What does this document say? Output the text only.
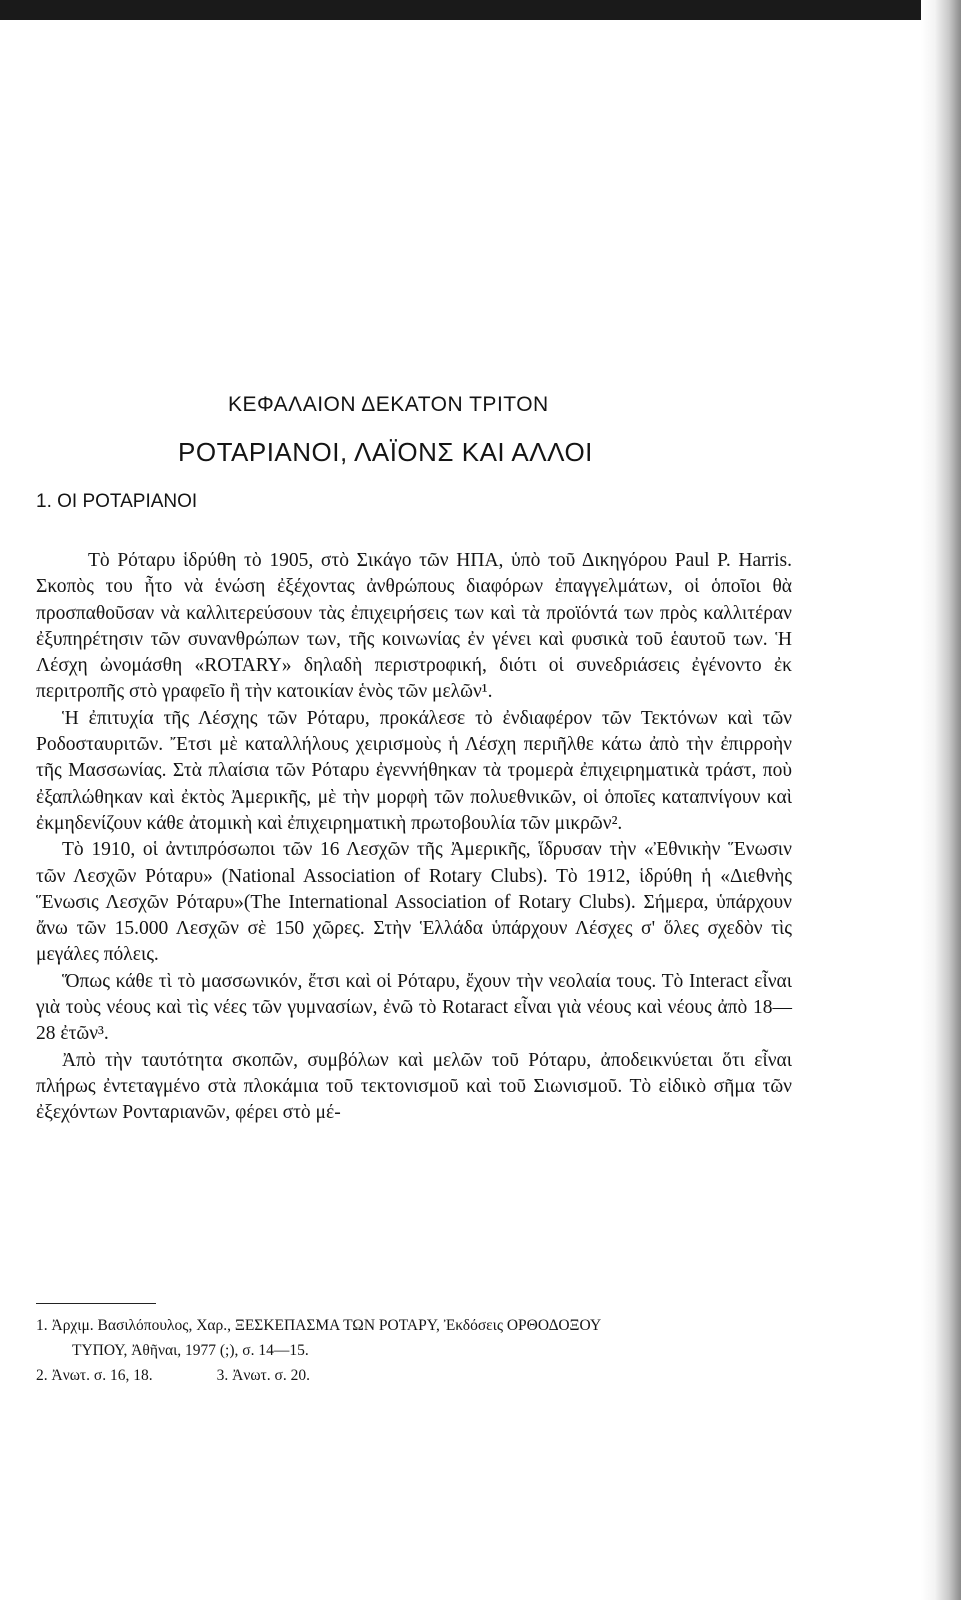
ΚΕΦΑΛΑΙΟΝ ΔΕΚΑΤΟΝ ΤΡΙΤΟΝ
ΡΟΤΑΡΙΑΝΟΙ, ΛΑΪΟΝΣ ΚΑΙ ΑΛΛΟΙ
1. ΟΙ ΡΟΤΑΡΙΑΝΟΙ

Τὸ Ρόταρυ ἱδρύθη τὸ 1905, στὸ Σικάγο τῶν ΗΠΑ, ὑπὸ τοῦ Δικηγόρου Paul P. Harris. Σκοπὸς του ἦτο νὰ ἑνώση ἐξέχοντας ἀνθρώπους διαφόρων ἐπαγγελμάτων, οἱ ὁποῖοι θὰ προσπαθοῦσαν νὰ καλλιτερεύσουν τὰς ἐπιχειρήσεις των καὶ τὰ προϊόντά των πρὸς καλλιτέραν ἐξυπηρέτησιν τῶν συνανθρώπων των, τῆς κοινωνίας ἐν γένει καὶ φυσικὰ τοῦ ἑαυτοῦ των. Ἡ Λέσχη ὠνομάσθη «ROTARY» δηλαδὴ περιστροφική, διότι οἱ συνεδριάσεις ἐγένοντο ἐκ περιτροπῆς στὸ γραφεῖο ἢ τὴν κατοικίαν ἑνὸς τῶν μελῶν¹.

Ἡ ἐπιτυχία τῆς Λέσχης τῶν Ρόταρυ, προκάλεσε τὸ ἐνδιαφέρον τῶν Τεκτόνων καὶ τῶν Ροδοσταυριτῶν. Ἔτσι μὲ καταλλήλους χειρισμοὺς ἡ Λέσχη περιῆλθε κάτω ἀπὸ τὴν ἐπιρροὴν τῆς Μασσωνίας. Στὰ πλαίσια τῶν Ρόταρυ ἐγεννήθηκαν τὰ τρομερὰ ἐπιχειρηματικὰ τράστ, ποὺ ἐξαπλώθηκαν καὶ ἐκτὸς Ἀμερικῆς, μὲ τὴν μορφὴ τῶν πολυεθνικῶν, οἱ ὁποῖες καταπνίγουν καὶ ἐκμηδενίζουν κάθε ἀτομικὴ καὶ ἐπιχειρηματικὴ πρωτοβουλία τῶν μικρῶν².

Τὸ 1910, οἱ ἀντιπρόσωποι τῶν 16 Λεσχῶν τῆς Ἀμερικῆς, ἵδρυσαν τὴν «Ἐθνικὴν Ἕνωσιν τῶν Λεσχῶν Ρόταρυ» (National Association of Rotary Clubs). Τὸ 1912, ἱδρύθη ἡ «Διεθνὴς Ἕνωσις Λεσχῶν Ρόταρυ»(The International Association of Rotary Clubs). Σήμερα, ὑπάρχουν ἄνω τῶν 15.000 Λεσχῶν σὲ 150 χῶρες. Στὴν Ἑλλάδα ὑπάρχουν Λέσχες σ' ὅλες σχεδὸν τὶς μεγάλες πόλεις.

Ὅπως κάθε τὶ τὸ μασσωνικόν, ἔτσι καὶ οἱ Ρόταρυ, ἔχουν τὴν νεολαία τους. Τὸ Interact εἶναι γιὰ τοὺς νέους καὶ τὶς νέες τῶν γυμνασίων, ἐνῶ τὸ Rotaract εἶναι γιὰ νέους καὶ νέους ἀπὸ 18—28 ἐτῶν³.

Ἀπὸ τὴν ταυτότητα σκοπῶν, συμβόλων καὶ μελῶν τοῦ Ρόταρυ, ἀποδεικνύεται ὅτι εἶναι πλήρως ἐντεταγμένο στὰ πλοκάμια τοῦ τεκτονισμοῦ καὶ τοῦ Σιωνισμοῦ. Τὸ εἰδικὸ σῆμα τῶν ἐξεχόντων Ρονταριανῶν, φέρει στὸ μέ-

1. Ἀρχιμ. Βασιλόπουλος, Χαρ., ΞΕΣΚΕΠΑΣΜΑ ΤΩΝ ΡΟΤΑΡΥ, Ἐκδόσεις ΟΡΘΟΔΟΞΟΥ

ΤΥΠΟΥ, Ἀθῆναι, 1977 (;), σ. 14—15.

2. Ἀνωτ. σ. 16, 18.	3. Ἀνωτ. σ. 20.
